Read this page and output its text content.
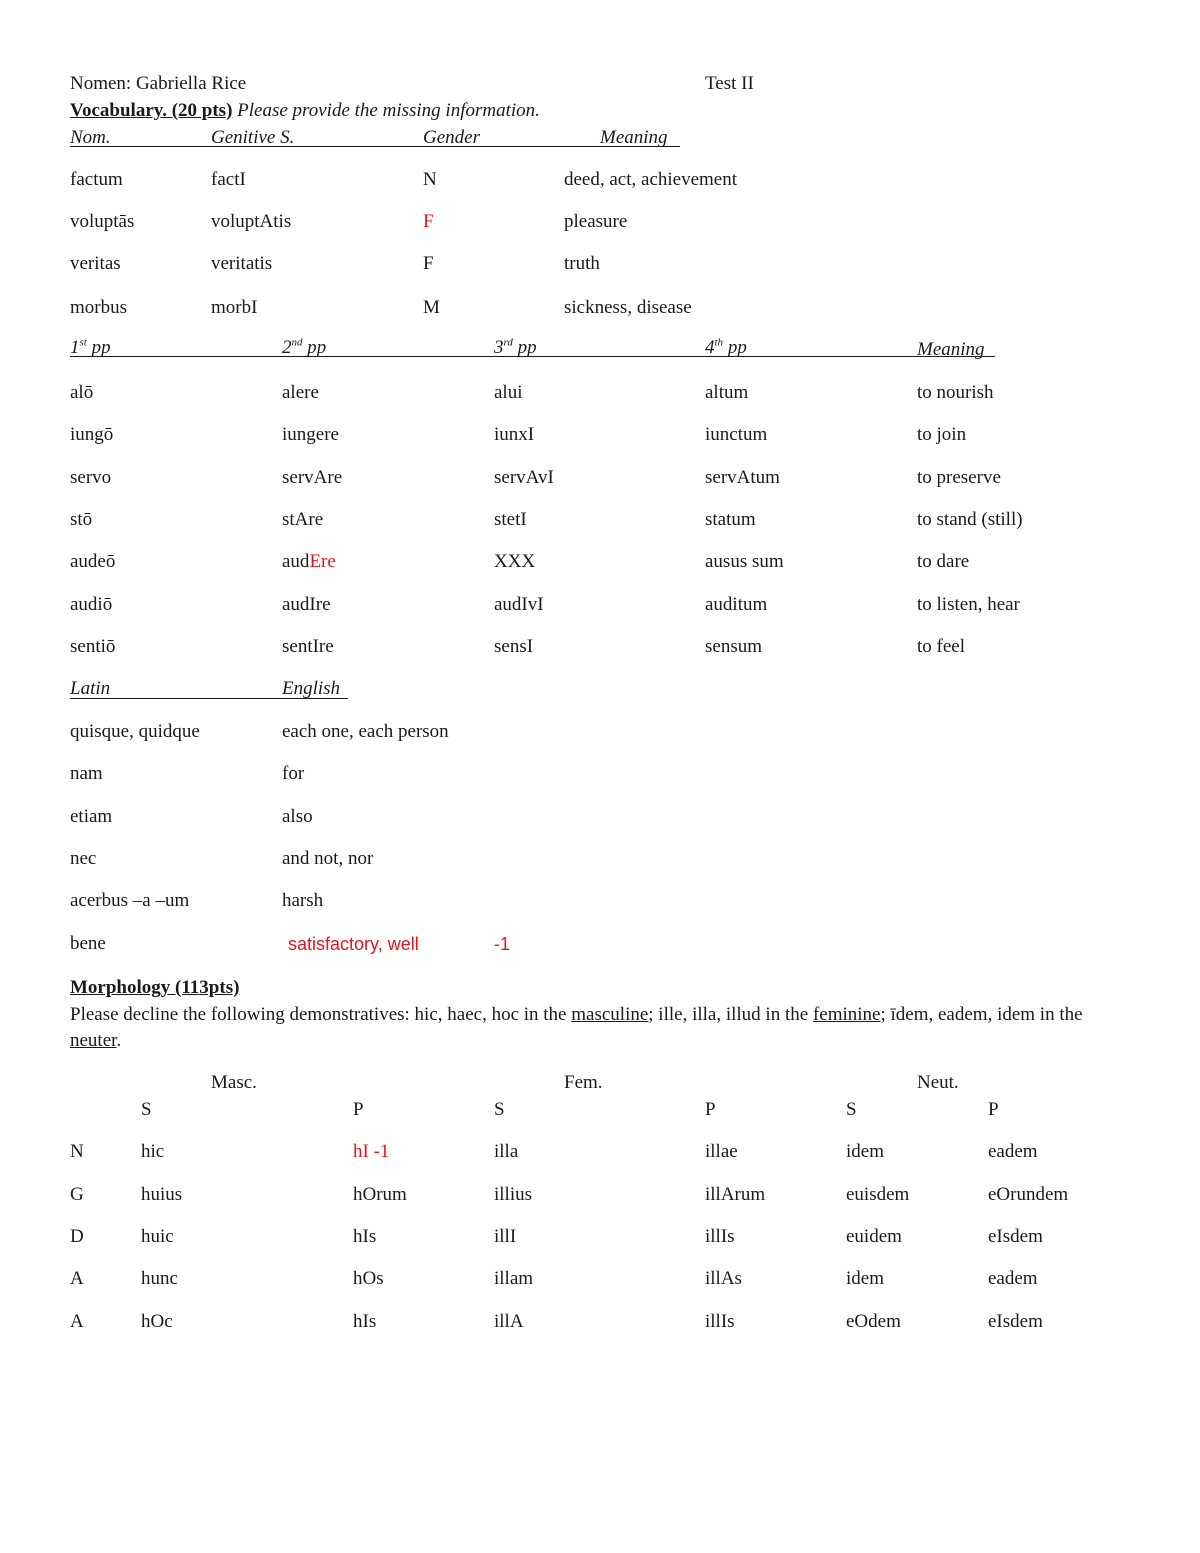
Nomen: Gabriella Rice	Test II
Vocabulary. (20 pts) Please provide the missing information.
Nom.	Genitive S.	Gender	Meaning
factum	factI	N	deed, act, achievement
voluptās	voluptAtis	F	pleasure
veritas	veritatis	F	truth
morbus	morbI	M	sickness, disease
1st pp	2nd pp	3rd pp	4th pp	Meaning
alō	alere	alui	altum	to nourish
iungō	iungere	iunxI	iunctum	to join
servo	servAre	servAvI	servAtum	to preserve
stō	stAre	stetI	statum	to stand (still)
audeō	audEre	XXX	ausus sum	to dare
audiō	audIre	audIvI	auditum	to listen, hear
sentiō	sentIre	sensI	sensum	to feel
Latin	English
quisque, quidque	each one, each person
nam	for
etiam	also
nec	and not, nor
acerbus –a –um	harsh
bene	satisfactory, well	-1
Morphology (113pts)
Please decline the following demonstratives: hic, haec, hoc in the masculine; ille, illa, illud in the feminine; īdem, eadem, idem in the neuter.
Masc.	Fem.	Neut.
S	P	S	P	S	P
N	hic	hI -1	illa	illae	idem	eadem
G	huius	hOrum	illius	illArum	euisdem	eOrundem
D	huic	hIs	illI	illIs	euidem	eIsdem
A	hunc	hOs	illam	illAs	idem	eadem
A	hOc	hIs	illA	illIs	eOdem	eIsdem
